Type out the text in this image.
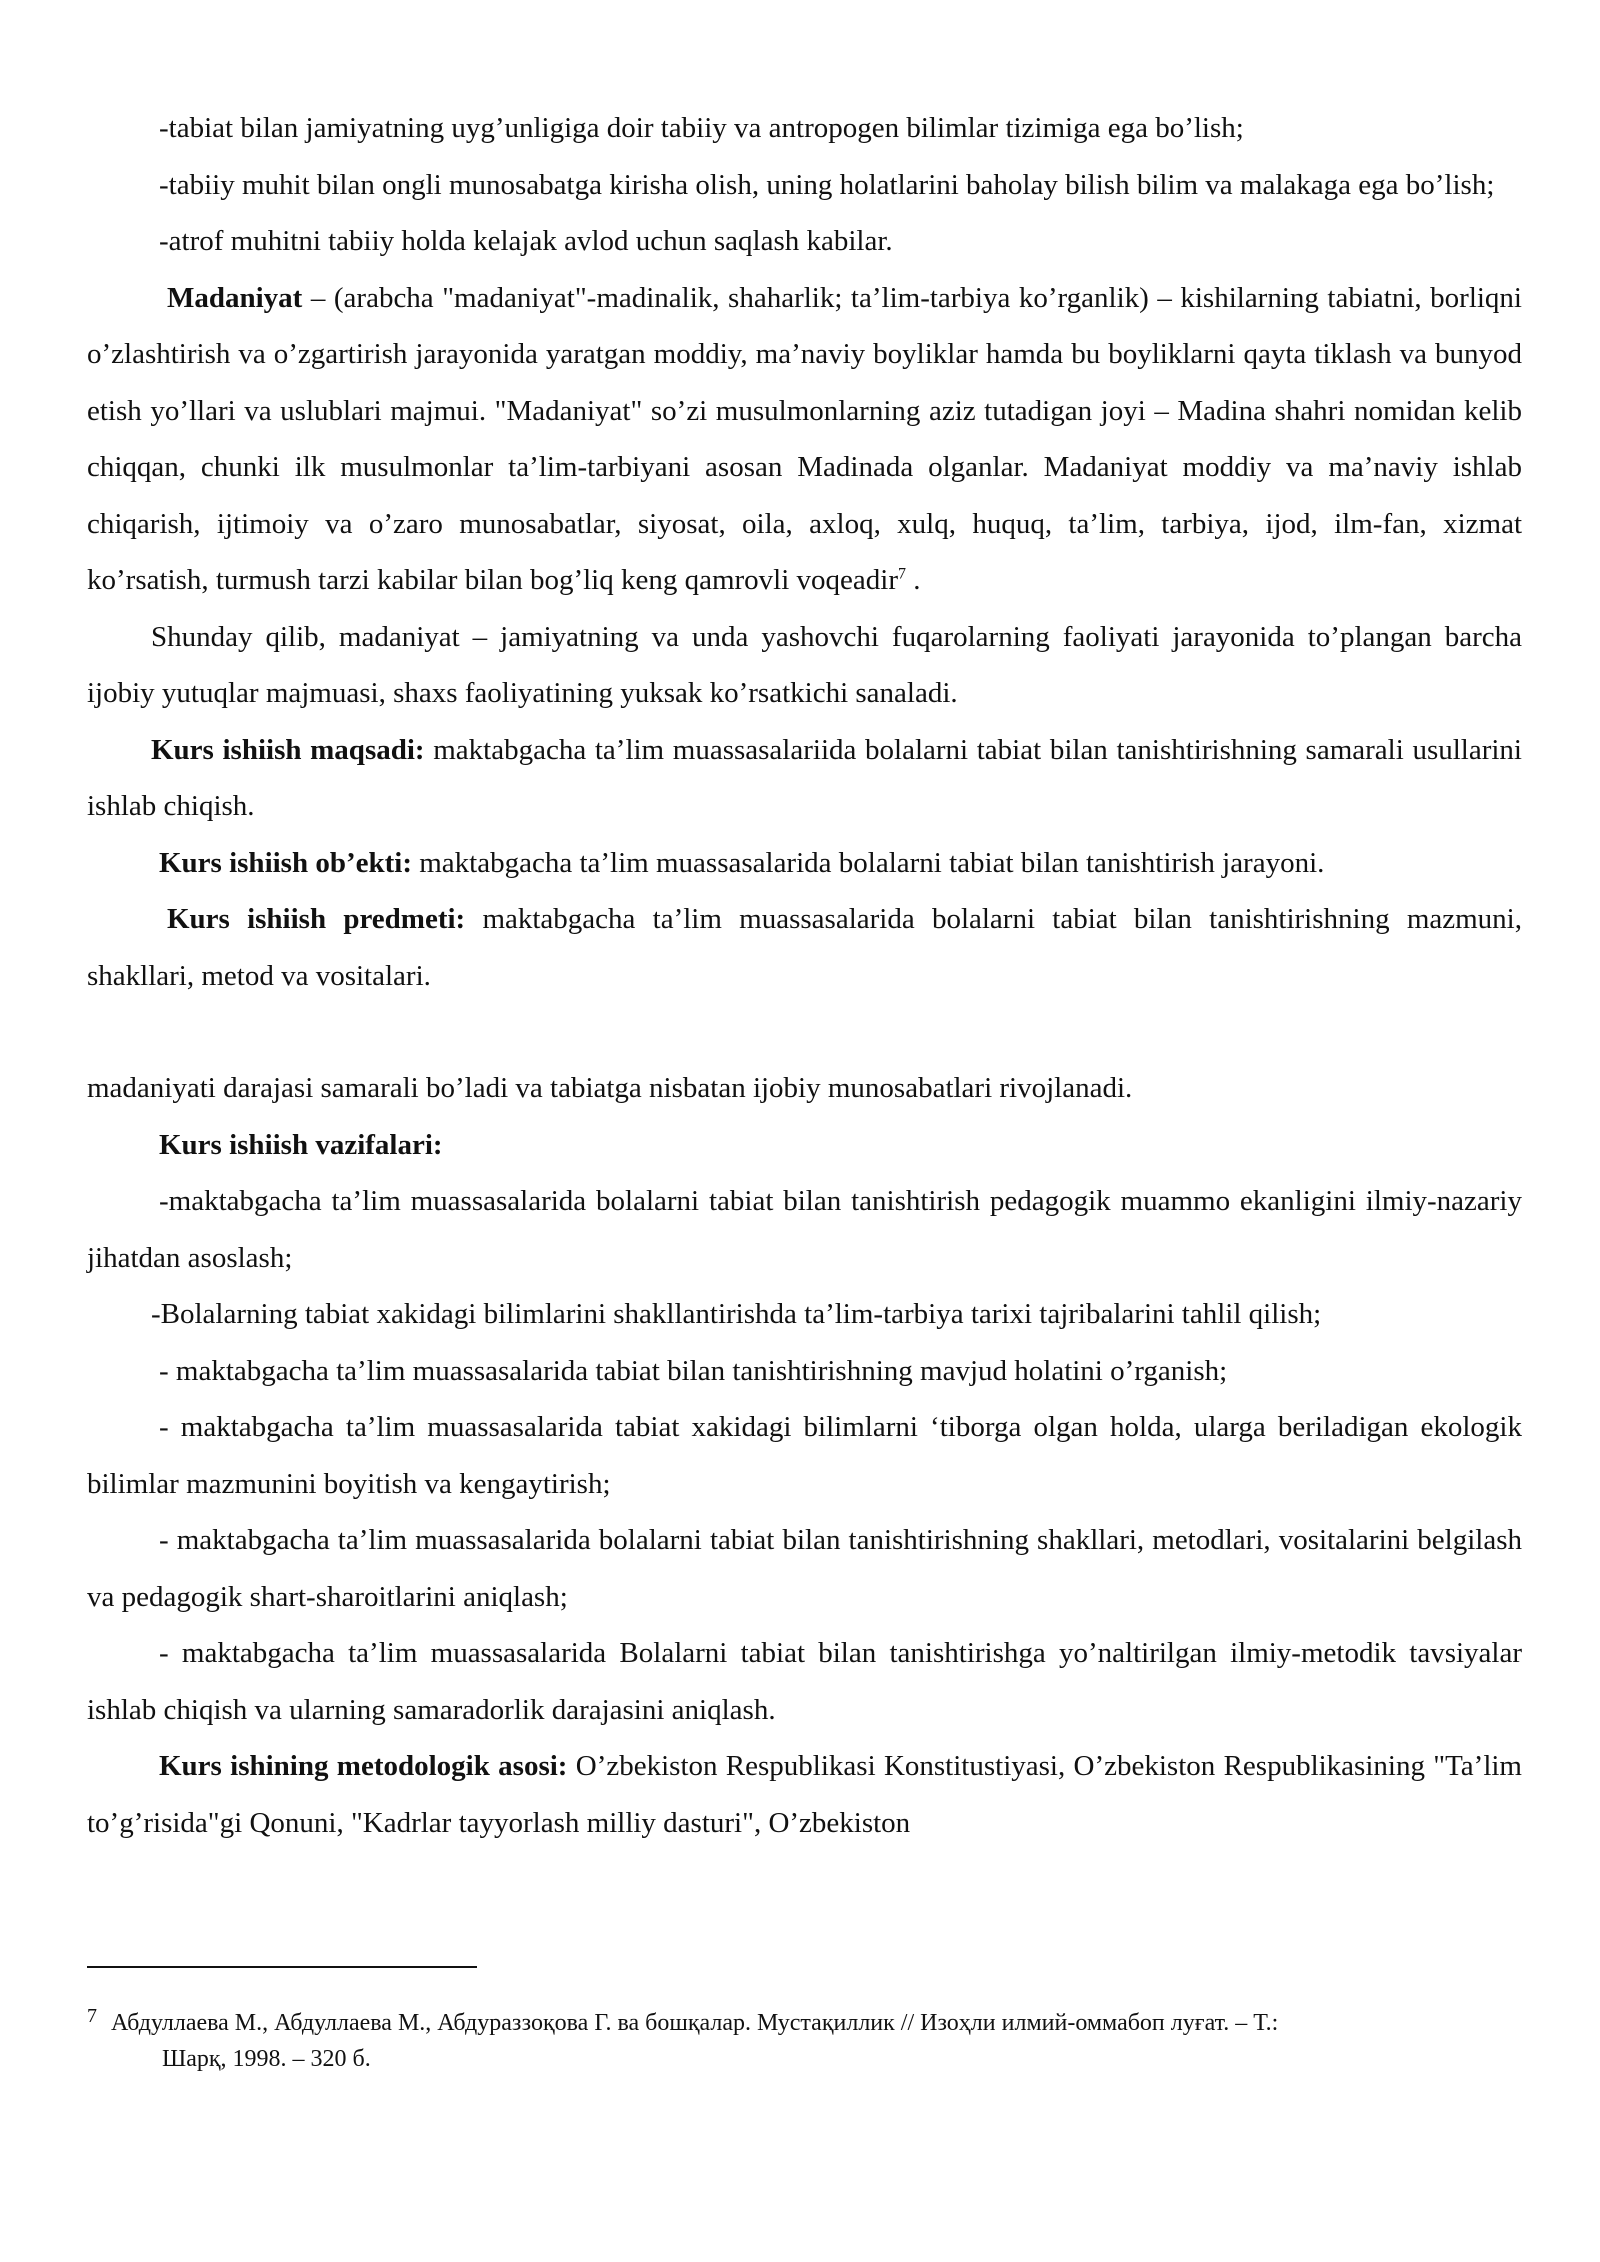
-tabiat bilan jamiyatning uyg’unligiga doir tabiiy va antropogen bilimlar tizimiga ega bo’lish;

-tabiiy muhit bilan ongli munosabatga kirisha olish, uning holatlarini baholay bilish bilim va malakaga ega bo’lish;

-atrof muhitni tabiiy holda kelajak avlod uchun saqlash kabilar.

Madaniyat – (arabcha "madaniyat"-madinalik, shaharlik; ta’lim-tarbiya ko’rganlik) – kishilarning tabiatni, borliqni o’zlashtirish va o’zgartirish jarayonida yaratgan moddiy, ma’naviy boyliklar hamda bu boyliklarni qayta tiklash va bunyod etish yo’llari va uslublari majmui. "Madaniyat" so’zi musulmonlarning aziz tutadigan joyi – Madina shahri nomidan kelib chiqqan, chunki ilk musulmonlar ta’lim-tarbiyani asosan Madinada olganlar. Madaniyat moddiy va ma’naviy ishlab chiqarish, ijtimoiy va o’zaro munosabatlar, siyosat, oila, axloq, xulq, huquq, ta’lim, tarbiya, ijod, ilm-fan, xizmat ko’rsatish, turmush tarzi kabilar bilan bog’liq keng qamrovli voqeadir$^7$ .

Shunday qilib, madaniyat – jamiyatning va unda yashovchi fuqarolarning faoliyati jarayonida to’plangan barcha ijobiy yutuqlar majmuasi, shaxs faoliyatining yuksak ko’rsatkichi sanaladi.

Kurs ishiish maqsadi: maktabgacha ta’lim muassasalariida bolalarni tabiat bilan tanishtirishning samarali usullarini ishlab chiqish.

Kurs ishiish ob’ekti: maktabgacha ta’lim muassasalarida bolalarni tabiat bilan tanishtirish jarayoni.

Kurs ishiish predmeti: maktabgacha ta’lim muassasalarida bolalarni tabiat bilan tanishtirishning mazmuni, shakllari, metod va vositalari.

madaniyati darajasi samarali bo’ladi va tabiatga nisbatan ijobiy munosabatlari rivojlanadi.

Kurs ishiish vazifalari:

-maktabgacha ta’lim muassasalarida bolalarni tabiat bilan tanishtirish pedagogik muammo ekanligini ilmiy-nazariy jihatdan asoslash;

-Bolalarning tabiat xakidagi bilimlarini shakllantirishda ta’lim-tarbiya tarixi tajribalarini tahlil qilish;

- maktabgacha ta’lim muassasalarida tabiat bilan tanishtirishning mavjud holatini o’rganish;

- maktabgacha ta’lim muassasalarida tabiat xakidagi bilimlarni ‘tiborga olgan holda, ularga beriladigan ekologik bilimlar mazmunini boyitish va kengaytirish;

- maktabgacha ta’lim muassasalarida bolalarni tabiat bilan tanishtirishning shakllari, metodlari, vositalarini belgilash va pedagogik shart-sharoitlarini aniqlash;

- maktabgacha ta’lim muassasalarida Bolalarni tabiat bilan tanishtirishga yo’naltirilgan ilmiy-metodik tavsiyalar ishlab chiqish va ularning samaradorlik darajasini aniqlash.

Kurs ishining metodologik asosi: O’zbekiston Respublikasi Konstitustiyasi, O’zbekiston Respublikasining "Ta’lim to’g’risida"gi Qonuni, "Kadrlar tayyorlash milliy dasturi", O’zbekiston

$^7$ Абдуллаева М., Абдуллаева М., Абдураззоқова Г. ва бошқалар. Мустақиллик // Изоҳли илмий-оммабоп луғат. – Т.:
Шарқ, 1998. – 320 б.
